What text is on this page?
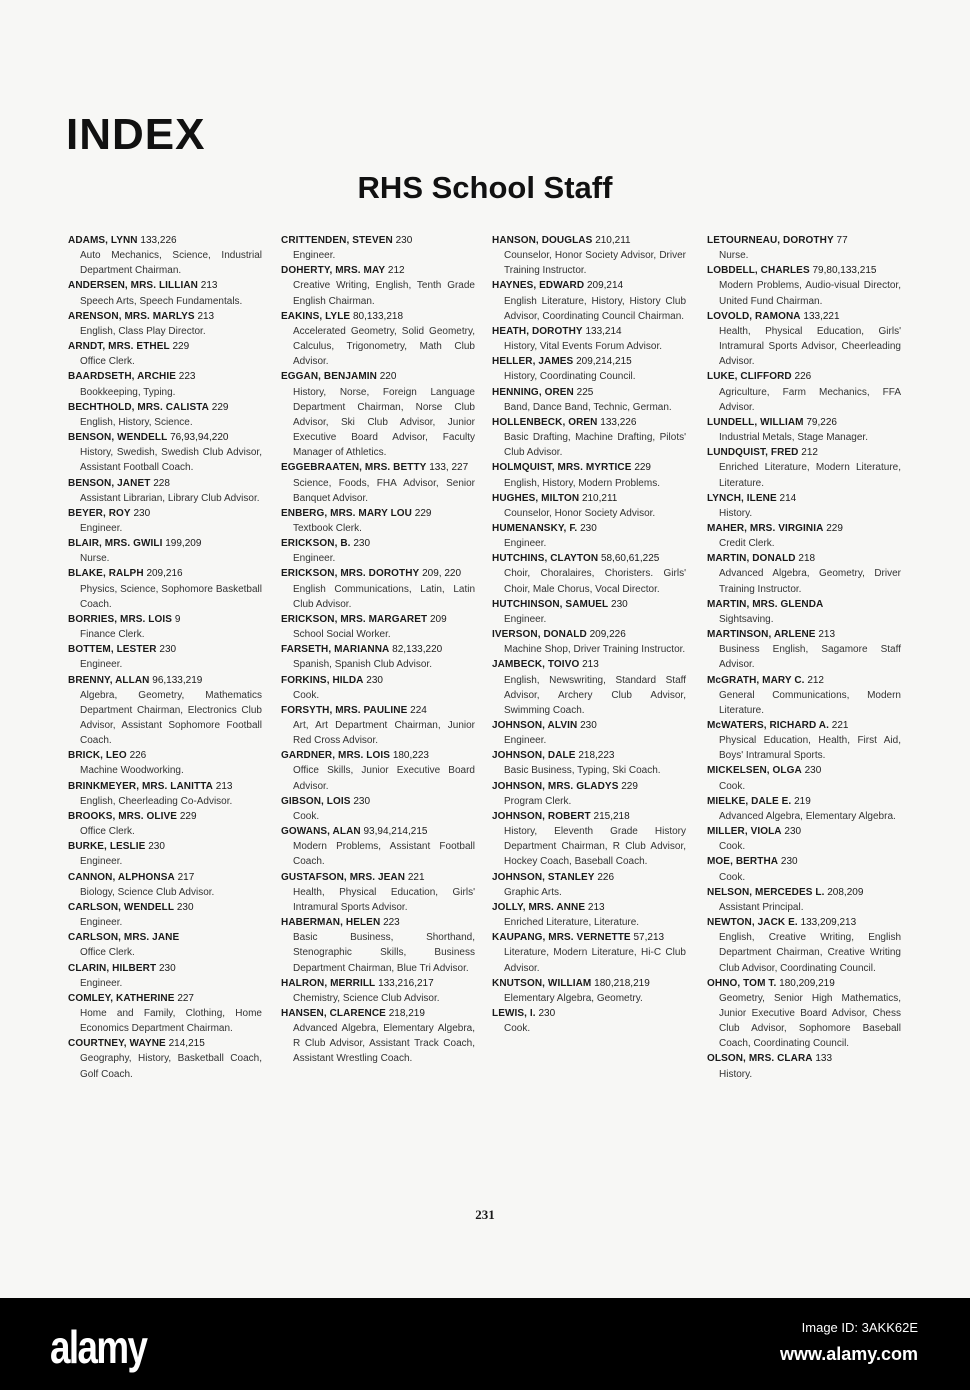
INDEX
RHS School Staff
ADAMS, LYNN 133,226
Auto Mechanics, Science, Industrial Department Chairman.
ANDERSEN, MRS. LILLIAN 213
Speech Arts, Speech Fundamentals.
ARENSON, MRS. MARLYS 213
English, Class Play Director.
ARNDT, MRS. ETHEL 229
Office Clerk.
BAARDSETH, ARCHIE 223
Bookkeeping, Typing.
BECHTHOLD, MRS. CALISTA 229
English, History, Science.
BENSON, WENDELL 76,93,94,220
History, Swedish, Swedish Club Advisor, Assistant Football Coach.
BENSON, JANET 228
Assistant Librarian, Library Club Advisor.
BEYER, ROY 230
Engineer.
BLAIR, MRS. GWILI 199,209
Nurse.
BLAKE, RALPH 209,216
Physics, Science, Sophomore Basketball Coach.
BORRIES, MRS. LOIS 9
Finance Clerk.
BOTTEM, LESTER 230
Engineer.
BRENNY, ALLAN 96,133,219
Algebra, Geometry, Mathematics Department Chairman, Electronics Club Advisor, Assistant Sophomore Football Coach.
BRICK, LEO 226
Machine Woodworking.
BRINKMEYER, MRS. LANITTA 213
English, Cheerleading Co-Advisor.
BROOKS, MRS. OLIVE 229
Office Clerk.
BURKE, LESLIE 230
Engineer.
CANNON, ALPHONSA 217
Biology, Science Club Advisor.
CARLSON, WENDELL 230
Engineer.
CARLSON, MRS. JANE
Office Clerk.
CLARIN, HILBERT 230
Engineer.
COMLEY, KATHERINE 227
Home and Family, Clothing, Home Economics Department Chairman.
COURTNEY, WAYNE 214,215
Geography, History, Basketball Coach, Golf Coach.
CRITTENDEN, STEVEN 230
Engineer.
DOHERTY, MRS. MAY 212
Creative Writing, English, Tenth Grade English Chairman.
EAKINS, LYLE 80,133,218
Accelerated Geometry, Solid Geometry, Calculus, Trigonometry, Math Club Advisor.
EGGAN, BENJAMIN 220
History, Norse, Foreign Language Department Chairman, Norse Club Advisor, Ski Club Advisor, Junior Executive Board Advisor, Faculty Manager of Athletics.
EGGEBRAATEN, MRS. BETTY 133, 227
Science, Foods, FHA Advisor, Senior Banquet Advisor.
ENBERG, MRS. MARY LOU 229
Textbook Clerk.
ERICKSON, B. 230
Engineer.
ERICKSON, MRS. DOROTHY 209, 220
English Communications, Latin, Latin Club Advisor.
ERICKSON, MRS. MARGARET 209
School Social Worker.
FARSETH, MARIANNA 82,133,220
Spanish, Spanish Club Advisor.
FORKINS, HILDA 230
Cook.
FORSYTH, MRS. PAULINE 224
Art, Art Department Chairman, Junior Red Cross Advisor.
GARDNER, MRS. LOIS 180,223
Office Skills, Junior Executive Board Advisor.
GIBSON, LOIS 230
Cook.
GOWANS, ALAN 93,94,214,215
Modern Problems, Assistant Football Coach.
GUSTAFSON, MRS. JEAN 221
Health, Physical Education, Girls' Intramural Sports Advisor.
HABERMAN, HELEN 223
Basic Business, Shorthand, Stenographic Skills, Business Department Chairman, Blue Tri Advisor.
HALRON, MERRILL 133,216,217
Chemistry, Science Club Advisor.
HANSEN, CLARENCE 218,219
Advanced Algebra, Elementary Algebra, R Club Advisor, Assistant Track Coach, Assistant Wrestling Coach.
HANSON, DOUGLAS 210,211
Counselor, Honor Society Advisor, Driver Training Instructor.
HAYNES, EDWARD 209,214
English Literature, History, History Club Advisor, Coordinating Council Chairman.
HEATH, DOROTHY 133,214
History, Vital Events Forum Advisor.
HELLER, JAMES 209,214,215
History, Coordinating Council.
HENNING, OREN 225
Band, Dance Band, Technic, German.
HOLLENBECK, OREN 133,226
Basic Drafting, Machine Drafting, Pilots' Club Advisor.
HOLMQUIST, MRS. MYRTICE 229
English, History, Modern Problems.
HUGHES, MILTON 210,211
Counselor, Honor Society Advisor.
HUMENANSKY, F. 230
Engineer.
HUTCHINS, CLAYTON 58,60,61,225
Choir, Choralaires, Choristers. Girls' Choir, Male Chorus, Vocal Director.
HUTCHINSON, SAMUEL 230
Engineer.
IVERSON, DONALD 209,226
Machine Shop, Driver Training Instructor.
JAMBECK, TOIVO 213
English, Newswriting, Standard Staff Advisor, Archery Club Advisor, Swimming Coach.
JOHNSON, ALVIN 230
Engineer.
JOHNSON, DALE 218,223
Basic Business, Typing, Ski Coach.
JOHNSON, MRS. GLADYS 229
Program Clerk.
JOHNSON, ROBERT 215,218
History, Eleventh Grade History Department Chairman, R Club Advisor, Hockey Coach, Baseball Coach.
JOHNSON, STANLEY 226
Graphic Arts.
JOLLY, MRS. ANNE 213
Enriched Literature, Literature.
KAUPANG, MRS. VERNETTE 57,213
Literature, Modern Literature, Hi-C Club Advisor.
KNUTSON, WILLIAM 180,218,219
Elementary Algebra, Geometry.
LEWIS, I. 230
Cook.
LETOURNEAU, DOROTHY 77
Nurse.
LOBDELL, CHARLES 79,80,133,215
Modern Problems, Audio-visual Director, United Fund Chairman.
LOVOLD, RAMONA 133,221
Health, Physical Education, Girls' Intramural Sports Advisor, Cheerleading Advisor.
LUKE, CLIFFORD 226
Agriculture, Farm Mechanics, FFA Advisor.
LUNDELL, WILLIAM 79,226
Industrial Metals, Stage Manager.
LUNDQUIST, FRED 212
Enriched Literature, Modern Literature, Literature.
LYNCH, ILENE 214
History.
MAHER, MRS. VIRGINIA 229
Credit Clerk.
MARTIN, DONALD 218
Advanced Algebra, Geometry, Driver Training Instructor.
MARTIN, MRS. GLENDA
Sightsaving.
MARTINSON, ARLENE 213
Business English, Sagamore Staff Advisor.
McGRATH, MARY C. 212
General Communications, Modern Literature.
McWATERS, RICHARD A. 221
Physical Education, Health, First Aid, Boys' Intramural Sports.
MICKELSEN, OLGA 230
Cook.
MIELKE, DALE E. 219
Advanced Algebra, Elementary Algebra.
MILLER, VIOLA 230
Cook.
MOE, BERTHA 230
Cook.
NELSON, MERCEDES L. 208,209
Assistant Principal.
NEWTON, JACK E. 133,209,213
English, Creative Writing, English Department Chairman, Creative Writing Club Advisor, Coordinating Council.
OHNO, TOM T. 180,209,219
Geometry, Senior High Mathematics, Junior Executive Board Advisor, Chess Club Advisor, Sophomore Baseball Coach, Coordinating Council.
OLSON, MRS. CLARA 133
History.
231
alamy	Image ID: 3AKK62E
www.alamy.com
